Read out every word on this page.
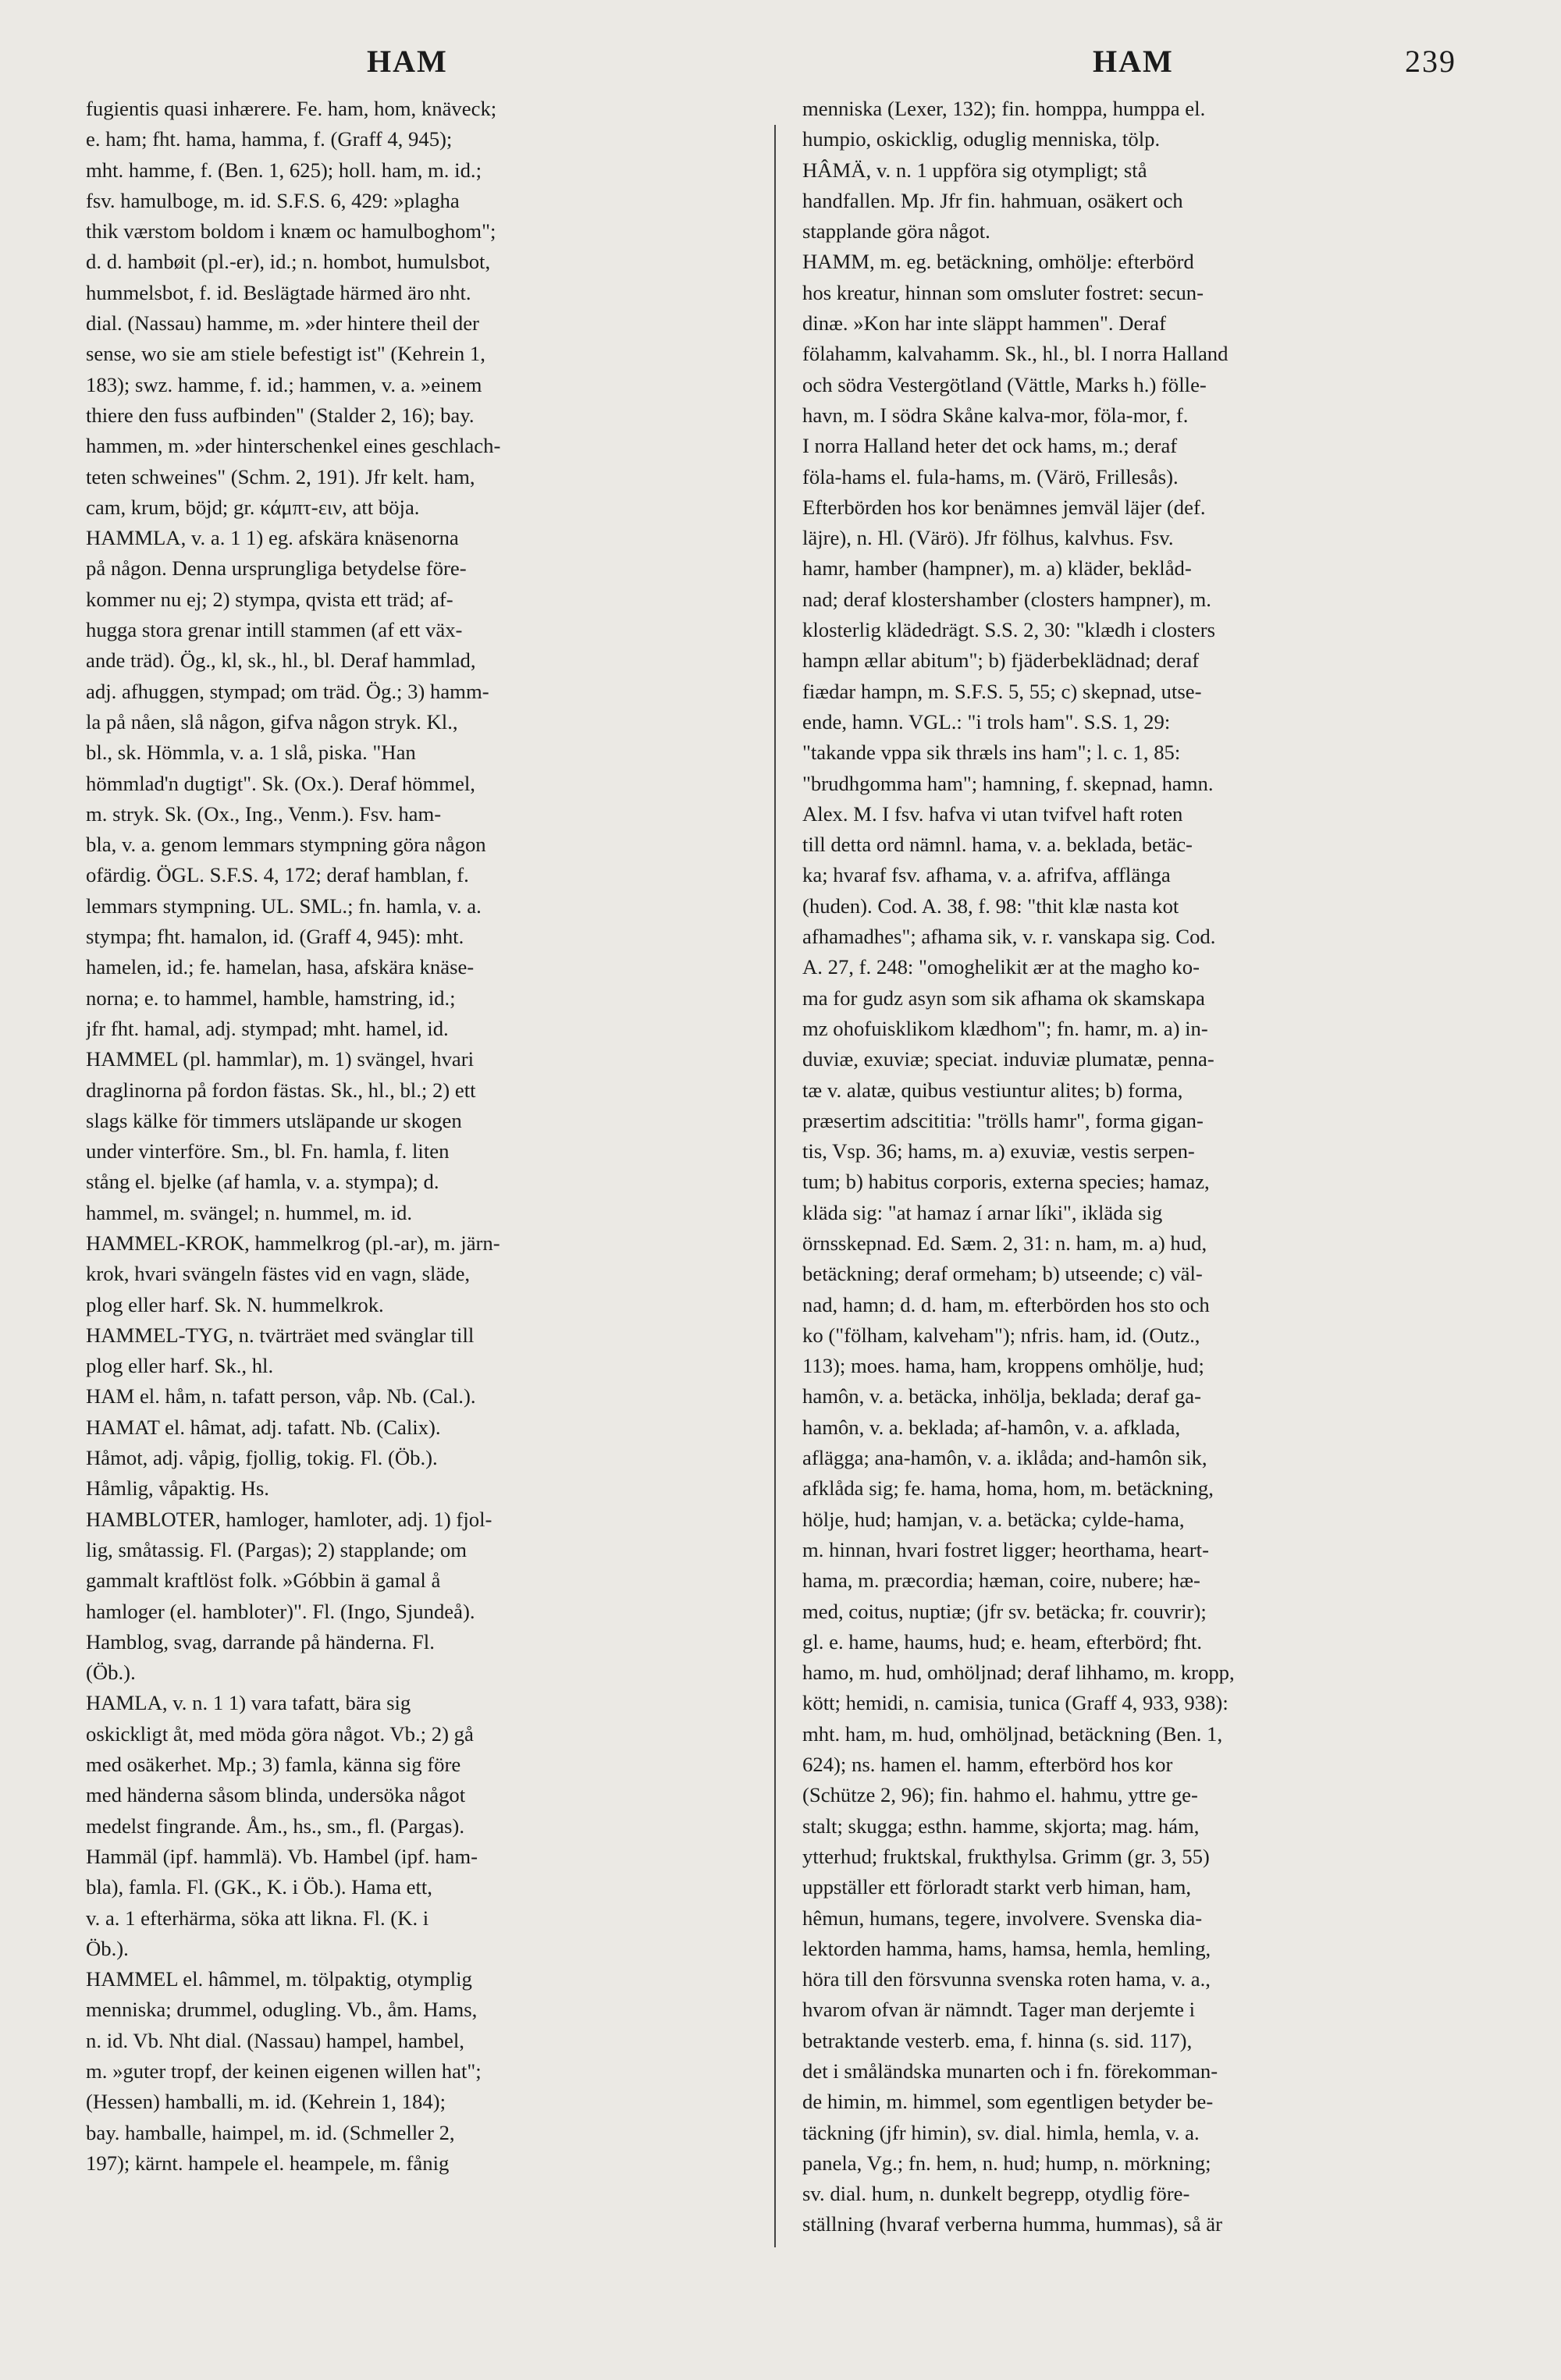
HAM	HAM	239
fugientis quasi inhærere. Fe. ham, hom, knäveck;
e. ham; fht. hama, hamma, f. (Graff 4, 945);
mht. hamme, f. (Ben. 1, 625); holl. ham, m. id.;
fsv. hamulboge, m. id. S.F.S. 6, 429: »plagha
thik værstom boldom i knæm oc hamulboghom";
d. d. hambøit (pl.-er), id.; n. hombot, humulsbot,
hummelsbot, f. id. Beslägtade härmed äro nht.
dial. (Nassau) hamme, m. »der hintere theil der
sense, wo sie am stiele befestigt ist" (Kehrein 1,
183); swz. hamme, f. id.; hammen, v. a. »einem
thiere den fuss aufbinden" (Stalder 2, 16); bay.
hammen, m. »der hinterschenkel eines geschlach-
teten schweines" (Schm. 2, 191). Jfr kelt. ham,
cam, krum, böjd; gr. κάμπτ-ειν, att böja.
HAMMLA, v. a. 1 1) eg. afskära knäsenorna
på någon. Denna ursprungliga betydelse före-
kommer nu ej; 2) stympa, qvista ett träd; af-
hugga stora grenar intill stammen (af ett väx-
ande träd). Ög., kl, sk., hl., bl. Deraf hammlad,
adj. afhuggen, stympad; om träd. Ög.; 3) hamm-
la på nåen, slå någon, gifva någon stryk. Kl.,
bl., sk. Hömmla, v. a. 1 slå, piska. "Han
hömmlad'n dugtigt". Sk. (Ox.). Deraf hömmel,
m. stryk. Sk. (Ox., Ing., Venm.). Fsv. ham-
bla, v. a. genom lemmars stympning göra någon
ofärdig. ÖGL. S.F.S. 4, 172; deraf hamblan, f.
lemmars stympning. UL. SML.; fn. hamla, v. a.
stympa; fht. hamalon, id. (Graff 4, 945): mht.
hamelen, id.; fe. hamelan, hasa, afskära knäse-
norna; e. to hammel, hamble, hamstring, id.;
jfr fht. hamal, adj. stympad; mht. hamel, id.
HAMMEL (pl. hammlar), m. 1) svängel, hvari
draglinorna på fordon fästas. Sk., hl., bl.; 2) ett
slags kälke för timmers utsläpande ur skogen
under vinterföre. Sm., bl. Fn. hamla, f. liten
stång el. bjelke (af hamla, v. a. stympa); d.
hammel, m. svängel; n. hummel, m. id.
HAMMEL-KROK, hammelkrog (pl.-ar), m. järn-
krok, hvari svängeln fästes vid en vagn, släde,
plog eller harf. Sk. N. hummelkrok.
HAMMEL-TYG, n. tvärträet med svänglar till
plog eller harf. Sk., hl.
HAM el. håm, n. tafatt person, våp. Nb. (Cal.).
HAMAT el. hâmat, adj. tafatt. Nb. (Calix).
Håmot, adj. våpig, fjollig, tokig. Fl. (Öb.).
Håmlig, våpaktig. Hs.
HAMBLOTER, hamloger, hamloter, adj. 1) fjol-
lig, småtassig. Fl. (Pargas); 2) stapplande; om
gammalt kraftlöst folk. »Góbbin ä gamal å
hamloger (el. hambloter)". Fl. (Ingo, Sjundeå).
Hamblog, svag, darrande på händerna. Fl.
(Öb.).
HAMLA, v. n. 1 1) vara tafatt, bära sig
oskickligt åt, med möda göra något. Vb.; 2) gå
med osäkerhet. Mp.; 3) famla, känna sig före
med händerna såsom blinda, undersöka något
medelst fingrande. Åm., hs., sm., fl. (Pargas).
Hammäl (ipf. hammlä). Vb. Hambel (ipf. ham-
bla), famla. Fl. (GK., K. i Öb.). Hama ett,
v. a. 1 efterhärma, söka att likna. Fl. (K. i
Öb.).
HAMMEL el. hâmmel, m. tölpaktig, otymplig
menniska; drummel, odugling. Vb., åm. Hams,
n. id. Vb. Nht dial. (Nassau) hampel, hambel,
m. »guter tropf, der keinen eigenen willen hat";
(Hessen) hamballi, m. id. (Kehrein 1, 184);
bay. hamballe, haimpel, m. id. (Schmeller 2,
197); kärnt. hampele el. heampele, m. fånig
menniska (Lexer, 132); fin. homppa, humppa el.
humpio, oskicklig, oduglig menniska, tölp.
HÂMÄ, v. n. 1 uppföra sig otympligt; stå
handfallen. Mp. Jfr fin. hahmuan, osäkert och
stapplande göra något.
HAMM, m. eg. betäckning, omhölje: efterbörd
hos kreatur, hinnan som omsluter fostret: secun-
dinæ. »Kon har inte släppt hammen". Deraf
fölahamm, kalvahamm. Sk., hl., bl. I norra Halland
och södra Vestergötland (Vättle, Marks h.) fölle-
havn, m. I södra Skåne kalva-mor, föla-mor, f.
I norra Halland heter det ock hams, m.; deraf
föla-hams el. fula-hams, m. (Värö, Frillesås).
Efterbörden hos kor benämnes jemväl läjer (def.
läjre), n. Hl. (Värö). Jfr fölhus, kalvhus. Fsv.
hamr, hamber (hampner), m. a) kläder, beklåd-
nad; deraf klostershamber (closters hampner), m.
klosterlig klädedrägt. S.S. 2, 30: "klædh i closters
hampn ællar abitum"; b) fjäderbeklädnad; deraf
fiædar hampn, m. S.F.S. 5, 55; c) skepnad, utse-
ende, hamn. VGL.: "i trols ham". S.S. 1, 29:
"takande vppa sik thræls ins ham"; l. c. 1, 85:
"brudhgomma ham"; hamning, f. skepnad, hamn.
Alex. M. I fsv. hafva vi utan tvifvel haft roten
till detta ord nämnl. hama, v. a. beklada, betäc-
ka; hvaraf fsv. afhama, v. a. afrifva, afflänga
(huden). Cod. A. 38, f. 98: "thit klæ nasta kot
afhamadhes"; afhama sik, v. r. vanskapa sig. Cod.
A. 27, f. 248: "omoghelikit ær at the magho ko-
ma for gudz asyn som sik afhama ok skamskapa
mz ohofuisklikom klædhom"; fn. hamr, m. a) in-
duviæ, exuviæ; speciat. induviæ plumatæ, penna-
tæ v. alatæ, quibus vestiuntur alites; b) forma,
præsertim adscititia: "trölls hamr", forma gigan-
tis, Vsp. 36; hams, m. a) exuviæ, vestis serpen-
tum; b) habitus corporis, externa species; hamaz,
kläda sig: "at hamaz í arnar líki", ikläda sig
örnsskepnad. Ed. Sæm. 2, 31: n. ham, m. a) hud,
betäckning; deraf ormeham; b) utseende; c) väl-
nad, hamn; d. d. ham, m. efterbörden hos sto och
ko ("fölham, kalveham"); nfris. ham, id. (Outz.,
113); moes. hama, ham, kroppens omhölje, hud;
hamôn, v. a. betäcka, inhölja, beklada; deraf ga-
hamôn, v. a. beklada; af-hamôn, v. a. afklada,
aflägga; ana-hamôn, v. a. iklåda; and-hamôn sik,
afklåda sig; fe. hama, homa, hom, m. betäckning,
hölje, hud; hamjan, v. a. betäcka; cylde-hama,
m. hinnan, hvari fostret ligger; heorthama, heart-
hama, m. præcordia; hæman, coire, nubere; hæ-
med, coitus, nuptiæ; (jfr sv. betäcka; fr. couvrir);
gl. e. hame, haums, hud; e. heam, efterbörd; fht.
hamo, m. hud, omhöljnad; deraf lihhamo, m. kropp,
kött; hemidi, n. camisia, tunica (Graff 4, 933, 938):
mht. ham, m. hud, omhöljnad, betäckning (Ben. 1,
624); ns. hamen el. hamm, efterbörd hos kor
(Schütze 2, 96); fin. hahmo el. hahmu, yttre ge-
stalt; skugga; esthn. hamme, skjorta; mag. hám,
ytterhud; fruktskal, frukthylsa. Grimm (gr. 3, 55)
uppställer ett förloradt starkt verb himan, ham,
hêmun, humans, tegere, involvere. Svenska dia-
lektorden hamma, hams, hamsa, hemla, hemling,
höra till den försvunna svenska roten hama, v. a.,
hvarom ofvan är nämndt. Tager man derjemte i
betraktande vesterb. ema, f. hinna (s. sid. 117),
det i småländska munarten och i fn. förekomman-
de himin, m. himmel, som egentligen betyder be-
täckning (jfr himin), sv. dial. himla, hemla, v. a.
panela, Vg.; fn. hem, n. hud; hump, n. mörkning;
sv. dial. hum, n. dunkelt begrepp, otydlig före-
ställning (hvaraf verberna humma, hummas), så är
